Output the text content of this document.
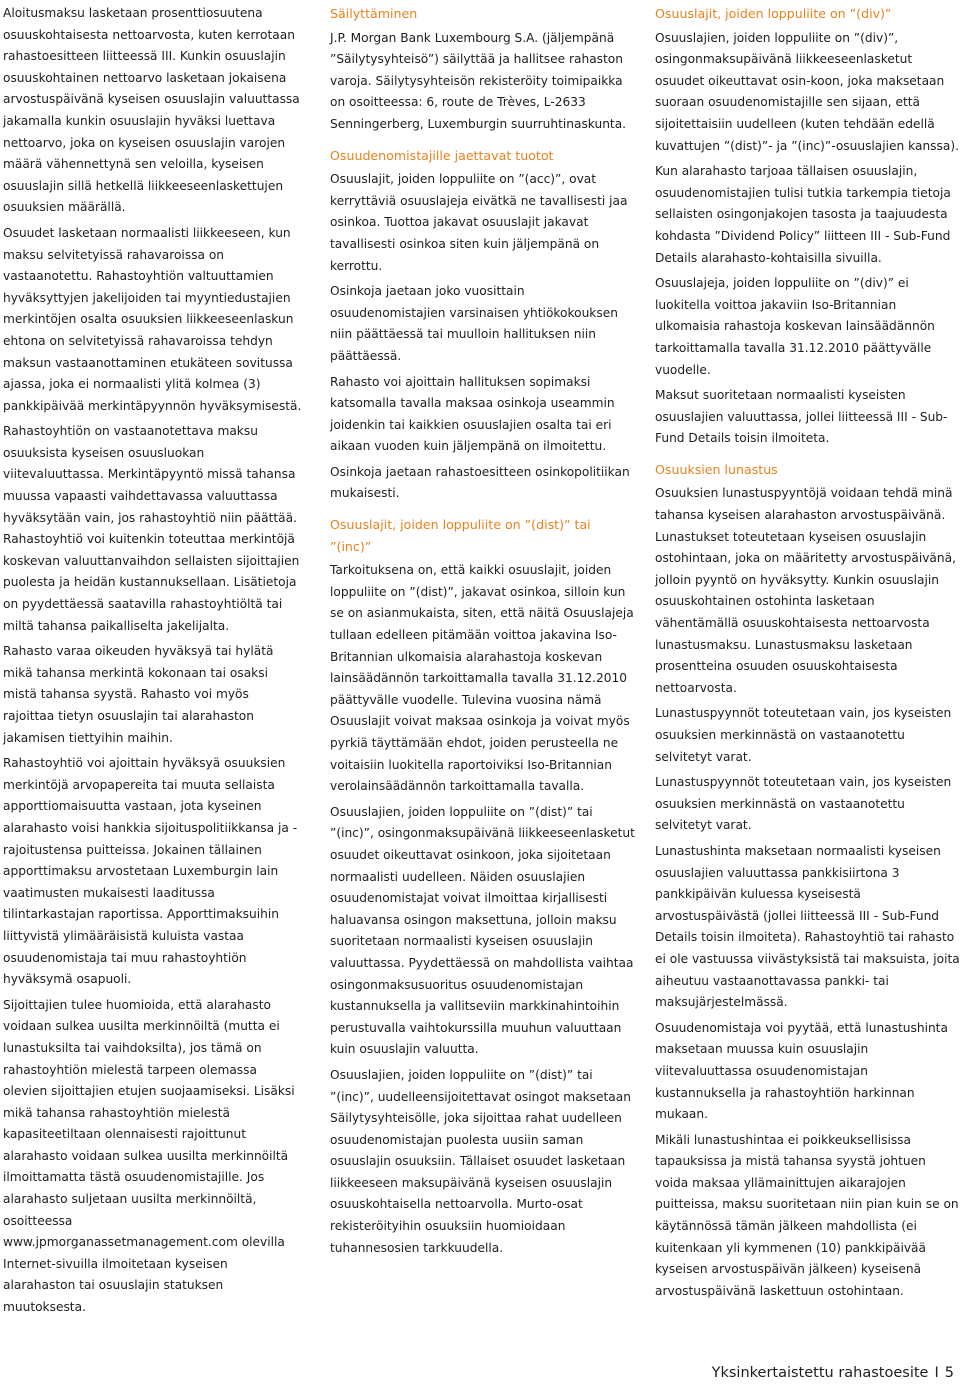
Aloitusmaksu lasketaan prosenttiosuutena osuuskohtaisesta nettoarvosta, kuten kerrotaan rahastoesitteen liitteessä III. Kunkin osuuslajin osuuskohtainen nettoarvo lasketaan jokaisena arvostuspäivänä kyseisen osuuslajin valuuttassa jakamalla kunkin osuuslajin hyväksi luettava nettoarvo, joka on kyseisen osuuslajin varojen määrä vähennettynä sen veloilla, kyseisen osuuslajin sillä hetkellä liikkeeseenlaskettujen osuuksien määrällä.

Osuudet lasketaan normaalisti liikkeeseen, kun maksu selvitetyissä rahavaroissa on vastaanotettu. Rahastoyhtiön valtuuttamien hyväksyttyjen jakelijoiden tai myyntiedustajien merkintöjen osalta osuuksien liikkeeseenlaskun ehtona on selvitetyissä rahavaroissa tehdyn maksun vastaanottaminen etukäteen sovitussa ajassa, joka ei normaalisti ylitä kolmea (3) pankkipäivää merkintäpyynnön hyväksymisestä.

Rahastoyhtiön on vastaanotettava maksu osuuksista kyseisen osuusluokan viitevaluuttassa. Merkintäpyyntö missä tahansa muussa vapaasti vaihdettavassa valuuttassa hyväksytään vain, jos rahastoyhtiö niin päättää. Rahastoyhtiö voi kuitenkin toteuttaa merkintöjä koskevan valuuttanvaihdon sellaisten sijoittajien puolesta ja heidän kustannuksellaan. Lisätietoja on pyydettäessä saatavilla rahastoyhtiöltä tai miltä tahansa paikalliselta jakelijalta.

Rahasto varaa oikeuden hyväksyä tai hylätä mikä tahansa merkintä kokonaan tai osaksi mistä tahansa syystä. Rahasto voi myös rajoittaa tietyn osuuslajin tai alarahaston jakamisen tiettyihin maihin.

Rahastoyhtiö voi ajoittain hyväksyä osuuksien merkintöjä arvopapereita tai muuta sellaista apporttiomaisuutta vastaan, jota kyseinen alarahasto voisi hankkia sijoituspolitiikkansa ja -rajoitustensa puitteissa. Jokainen tällainen apporttimaksu arvostetaan Luxemburgin lain vaatimusten mukaisesti laaditussa tilintarkastajan raportissa. Apporttimaksuihin liittyvistä ylimääräisistä kuluista vastaa osuudenomistaja tai muu rahastoyhtiön hyväksymä osapuoli.

Sijoittajien tulee huomioida, että alarahasto voidaan sulkea uusilta merkinnöiltä (mutta ei lunastuksilta tai vaihdoksilta), jos tämä on rahastoyhtiön mielestä tarpeen olemassa olevien sijoittajien etujen suojaamiseksi. Lisäksi mikä tahansa rahastoyhtiön mielestä kapasiteetiltaan olennaisesti rajoittunut alarahasto voidaan sulkea uusilta merkinnöiltä ilmoittamatta tästä osuudenomistajille. Jos alarahasto suljetaan uusilta merkinnöiltä, osoitteessa www.jpmorganassetmanagement.com olevilla Internet-sivuilla ilmoitetaan kyseisen alarahaston tai osuuslajin statuksen muutoksesta.

Säilyttäminen

J.P. Morgan Bank Luxembourg S.A. (jäljempänä ”Säilytysyhteisö”) säilyttää ja hallitsee rahaston varoja. Säilytysyhteisön rekisteröity toimipaikka on osoitteessa: 6, route de Trèves, L-2633 Senningerberg, Luxemburgin suurruhtinaskunta.

Osuudenomistajille jaettavat tuotot

Osuuslajit, joiden loppuliite on ”(acc)”, ovat kerryttäviä osuuslajeja eivätkä ne tavallisesti jaa osinkoa. Tuottoa jakavat osuuslajit jakavat tavallisesti osinkoa siten kuin jäljempänä on kerrottu.

Osinkoja jaetaan joko vuosittain osuudenomistajien varsinaisen yhtiökokouksen niin päättäessä tai muulloin hallituksen niin päättäessä.

Rahasto voi ajoittain hallituksen sopimaksi katsomalla tavalla maksaa osinkoja useammin joidenkin tai kaikkien osuuslajien osalta tai eri aikaan vuoden kuin jäljempänä on ilmoitettu.

Osinkoja jaetaan rahastoesitteen osinkopolitiikan mukaisesti.

Osuuslajit, joiden loppuliite on ”(dist)” tai ”(inc)”

Tarkoituksena on, että kaikki osuuslajit, joiden loppuliite on ”(dist)”, jakavat osinkoa, silloin kun se on asianmukaista, siten, että näitä Osuuslajeja tullaan edelleen pitämään voittoa jakavina Iso-Britannian ulkomaisia alarahastoja koskevan lainsäädännön tarkoittamalla tavalla 31.12.2010 päättyvälle vuodelle. Tulevina vuosina nämä Osuuslajit voivat maksaa osinkoja ja voivat myös pyrkiä täyttämään ehdot, joiden perusteella ne voitaisiin luokitella raportoiviksi Iso-Britannian verolainsäädännön tarkoittamalla tavalla.

Osuuslajien, joiden loppuliite on ”(dist)” tai ”(inc)”, osingonmaksupäivänä liikkeeseenlasketut osuudet oikeuttavat osinkoon, joka sijoitetaan normaalisti uudelleen. Näiden osuuslajien osuudenomistajat voivat ilmoittaa kirjallisesti haluavansa osingon maksettuna, jolloin maksu suoritetaan normaalisti kyseisen osuuslajin valuuttassa. Pyydettäessä on mahdollista vaihtaa osingonmaksusuoritus osuudenomistajan kustannuksella ja vallitseviin markkinahintoihin perustuvalla vaihtokurssilla muuhun valuuttaan kuin osuuslajin valuutta.

Osuuslajien, joiden loppuliite on ”(dist)” tai ”(inc)”, uudelleensijoitettavat osingot maksetaan Säilytysyhteisölle, joka sijoittaa rahat uudelleen osuudenomistajan puolesta uusiin saman osuuslajin osuuksiin. Tällaiset osuudet lasketaan liikkeeseen maksupäivänä kyseisen osuuslajin osuuskohtaisella nettoarvolla. Murto-osat rekisteröityihin osuuksiin huomioidaan tuhannesosien tarkkuudella.

Osuuslajit, joiden loppuliite on ”(div)”

Osuuslajien, joiden loppuliite on ”(div)”, osingonmaksupäivänä liikkeeseenlasketut osuudet oikeuttavat osin-koon, joka maksetaan suoraan osuudenomistajille sen sijaan, että sijoitettaisiin uudelleen (kuten tehdään edellä kuvattujen ”(dist)”- ja ”(inc)”-osuuslajien kanssa).

Kun alarahasto tarjoaa tällaisen osuuslajin, osuudenomistajien tulisi tutkia tarkempia tietoja sellaisten osingonjakojen tasosta ja taajuudesta kohdasta ”Dividend Policy” liitteen III - Sub-Fund Details alarahasto-kohtaisilla sivuilla.

Osuuslajeja, joiden loppuliite on ”(div)” ei luokitella voittoa jakaviin Iso-Britannian ulkomaisia rahastoja koskevan lainsäädännön tarkoittamalla tavalla 31.12.2010 päättyvälle vuodelle.

Maksut suoritetaan normaalisti kyseisten osuuslajien valuuttassa, jollei liitteessä III - Sub-Fund Details toisin ilmoiteta.

Osuuksien lunastus

Osuuksien lunastuspyyntöjä voidaan tehdä minä tahansa kyseisen alarahaston arvostuspäivänä. Lunastukset toteutetaan kyseisen osuuslajin ostohintaan, joka on määritetty arvostuspäivänä, jolloin pyyntö on hyväksytty. Kunkin osuuslajin osuuskohtainen ostohinta lasketaan vähentämällä osuuskohtaisesta nettoarvosta lunastusmaksu. Lunastusmaksu lasketaan prosentteina osuuden osuuskohtaisesta nettoarvosta.

Lunastuspyynnöt toteutetaan vain, jos kyseisten osuuksien merkinnästä on vastaanotettu selvitetyt varat.

Lunastuspyynnöt toteutetaan vain, jos kyseisten osuuksien merkinnästä on vastaanotettu selvitetyt varat.

Lunastushinta maksetaan normaalisti kyseisen osuuslajien valuuttassa pankkisiirtona 3 pankkipäivän kuluessa kyseisestä arvostuspäivästä (jollei liitteessä III - Sub-Fund Details toisin ilmoiteta). Rahastoyhtiö tai rahasto ei ole vastuussa viivästyksistä tai maksuista, joita aiheutuu vastaanottavassa pankki- tai maksujärjestelmässä.

Osuudenomistaja voi pyytää, että lunastushinta maksetaan muussa kuin osuuslajin viitevaluuttassa osuudenomistajan kustannuksella ja rahastoyhtiön harkinnan mukaan.

Mikäli lunastushintaa ei poikkeuksellisissa tapauksissa ja mistä tahansa syystä johtuen voida maksaa yllämainittujen aikarajojen puitteissa, maksu suoritetaan niin pian kuin se on käytännössä tämän jälkeen mahdollista (ei kuitenkaan yli kymmenen (10) pankkipäivää kyseisen arvostuspäivän jälkeen) kyseisenä arvostuspäivänä laskettuun ostohintaan.

Yksinkertaistettu rahastoesite I 5
